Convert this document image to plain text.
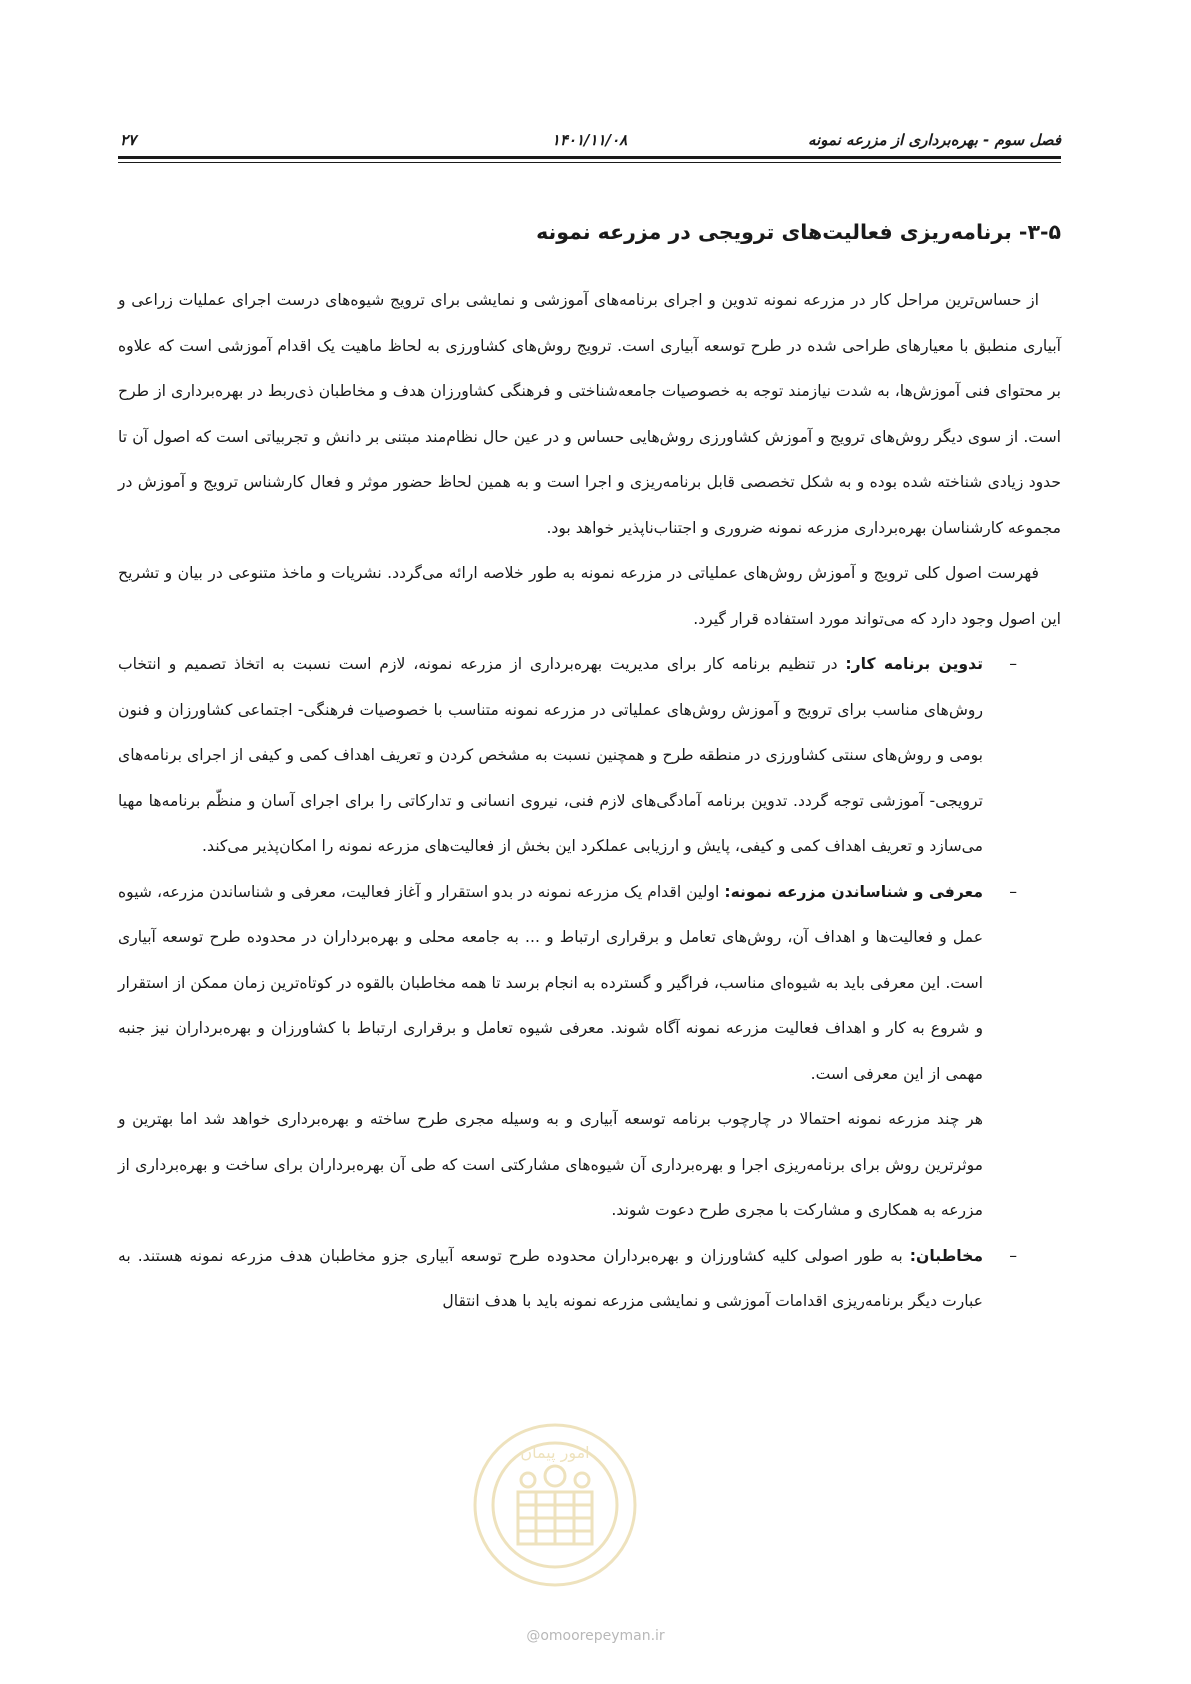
فصل سوم - بهره‌برداری از مزرعه نمونه
۱۴۰۱/۱۱/۰۸
۲۷
۳-۵- برنامه‌ریزی فعالیت‌های ترویجی در مزرعه نمونه

از حساس‌ترین مراحل کار در مزرعه نمونه تدوین و اجرای برنامه‌های آموزشی و نمایشی برای ترویج شیوه‌های درست اجرای عملیات زراعی و آبیاری منطبق با معیارهای طراحی شده در طرح توسعه آبیاری است. ترویج روش‌های کشاورزی به لحاظ ماهیت یک اقدام آموزشی است که علاوه بر محتوای فنی آموزش‌ها، به شدت نیازمند توجه به خصوصیات جامعه‌شناختی و فرهنگی کشاورزان هدف و مخاطبان ذی‌ربط در بهره‌برداری از طرح است. از سوی دیگر روش‌های ترویج و آموزش کشاورزی روش‌هایی حساس و در عین حال نظام‌مند مبتنی بر دانش و تجربیاتی است که اصول آن تا حدود زیادی شناخته شده بوده و به شکل تخصصی قابل برنامه‌ریزی و اجرا است و به همین لحاظ حضور موثر و فعال کارشناس ترویج و آموزش در مجموعه کارشناسان بهره‌برداری مزرعه نمونه ضروری و اجتناب‌ناپذیر خواهد بود.

فهرست اصول کلی ترویج و آموزش روش‌های عملیاتی در مزرعه نمونه به طور خلاصه ارائه می‌گردد. نشریات و ماخذ متنوعی در بیان و تشریح این اصول وجود دارد که می‌تواند مورد استفاده قرار گیرد.

–
تدوین برنامه کار: در تنظیم برنامه کار برای مدیریت بهره‌برداری از مزرعه نمونه، لازم است نسبت به اتخاذ تصمیم و انتخاب روش‌های مناسب برای ترویج و آموزش روش‌های عملیاتی در مزرعه نمونه متناسب با خصوصیات فرهنگی- اجتماعی کشاورزان و فنون بومی و روش‌های سنتی کشاورزی در منطقه طرح و همچنین نسبت به مشخص کردن و تعریف اهداف کمی و کیفی از اجرای برنامه‌های ترویجی- آموزشی توجه گردد. تدوین برنامه آمادگی‌های لازم فنی، نیروی انسانی و تدارکاتی را برای اجرای آسان و منظّم برنامه‌ها مهیا می‌سازد و تعریف اهداف کمی و کیفی، پایش و ارزیابی عملکرد این بخش از فعالیت‌های مزرعه نمونه را امکان‌پذیر می‌کند.

–
معرفی و شناساندن مزرعه نمونه: اولین اقدام یک مزرعه نمونه در بدو استقرار و آغاز فعالیت، معرفی و شناساندن مزرعه، شیوه عمل و فعالیت‌ها و اهداف آن، روش‌های تعامل و برقراری ارتباط و ... به جامعه محلی و بهره‌برداران در محدوده طرح توسعه آبیاری است. این معرفی باید به شیوه‌ای مناسب، فراگیر و گسترده به انجام برسد تا همه مخاطبان بالقوه در کوتاه‌ترین زمان ممکن از استقرار و شروع به کار و اهداف فعالیت مزرعه نمونه آگاه شوند. معرفی شیوه تعامل و برقراری ارتباط با کشاورزان و بهره‌برداران نیز جنبه مهمی از این معرفی است.

هر چند مزرعه نمونه احتمالا در چارچوب برنامه توسعه آبیاری و به وسیله مجری طرح ساخته و بهره‌برداری خواهد شد اما بهترین و موثرترین روش برای برنامه‌ریزی اجرا و بهره‌برداری آن شیوه‌های مشارکتی است که طی آن بهره‌برداران برای ساخت و بهره‌برداری از مزرعه به همکاری و مشارکت با مجری طرح دعوت شوند.

–
مخاطبان: به طور اصولی کلیه کشاورزان و بهره‌برداران محدوده طرح توسعه آبیاری جزو مخاطبان هدف مزرعه نمونه هستند. به عبارت دیگر برنامه‌ریزی اقدامات آموزشی و نمایشی مزرعه نمونه باید با هدف انتقال

امور پیمان
@omoorepeyman.ir
